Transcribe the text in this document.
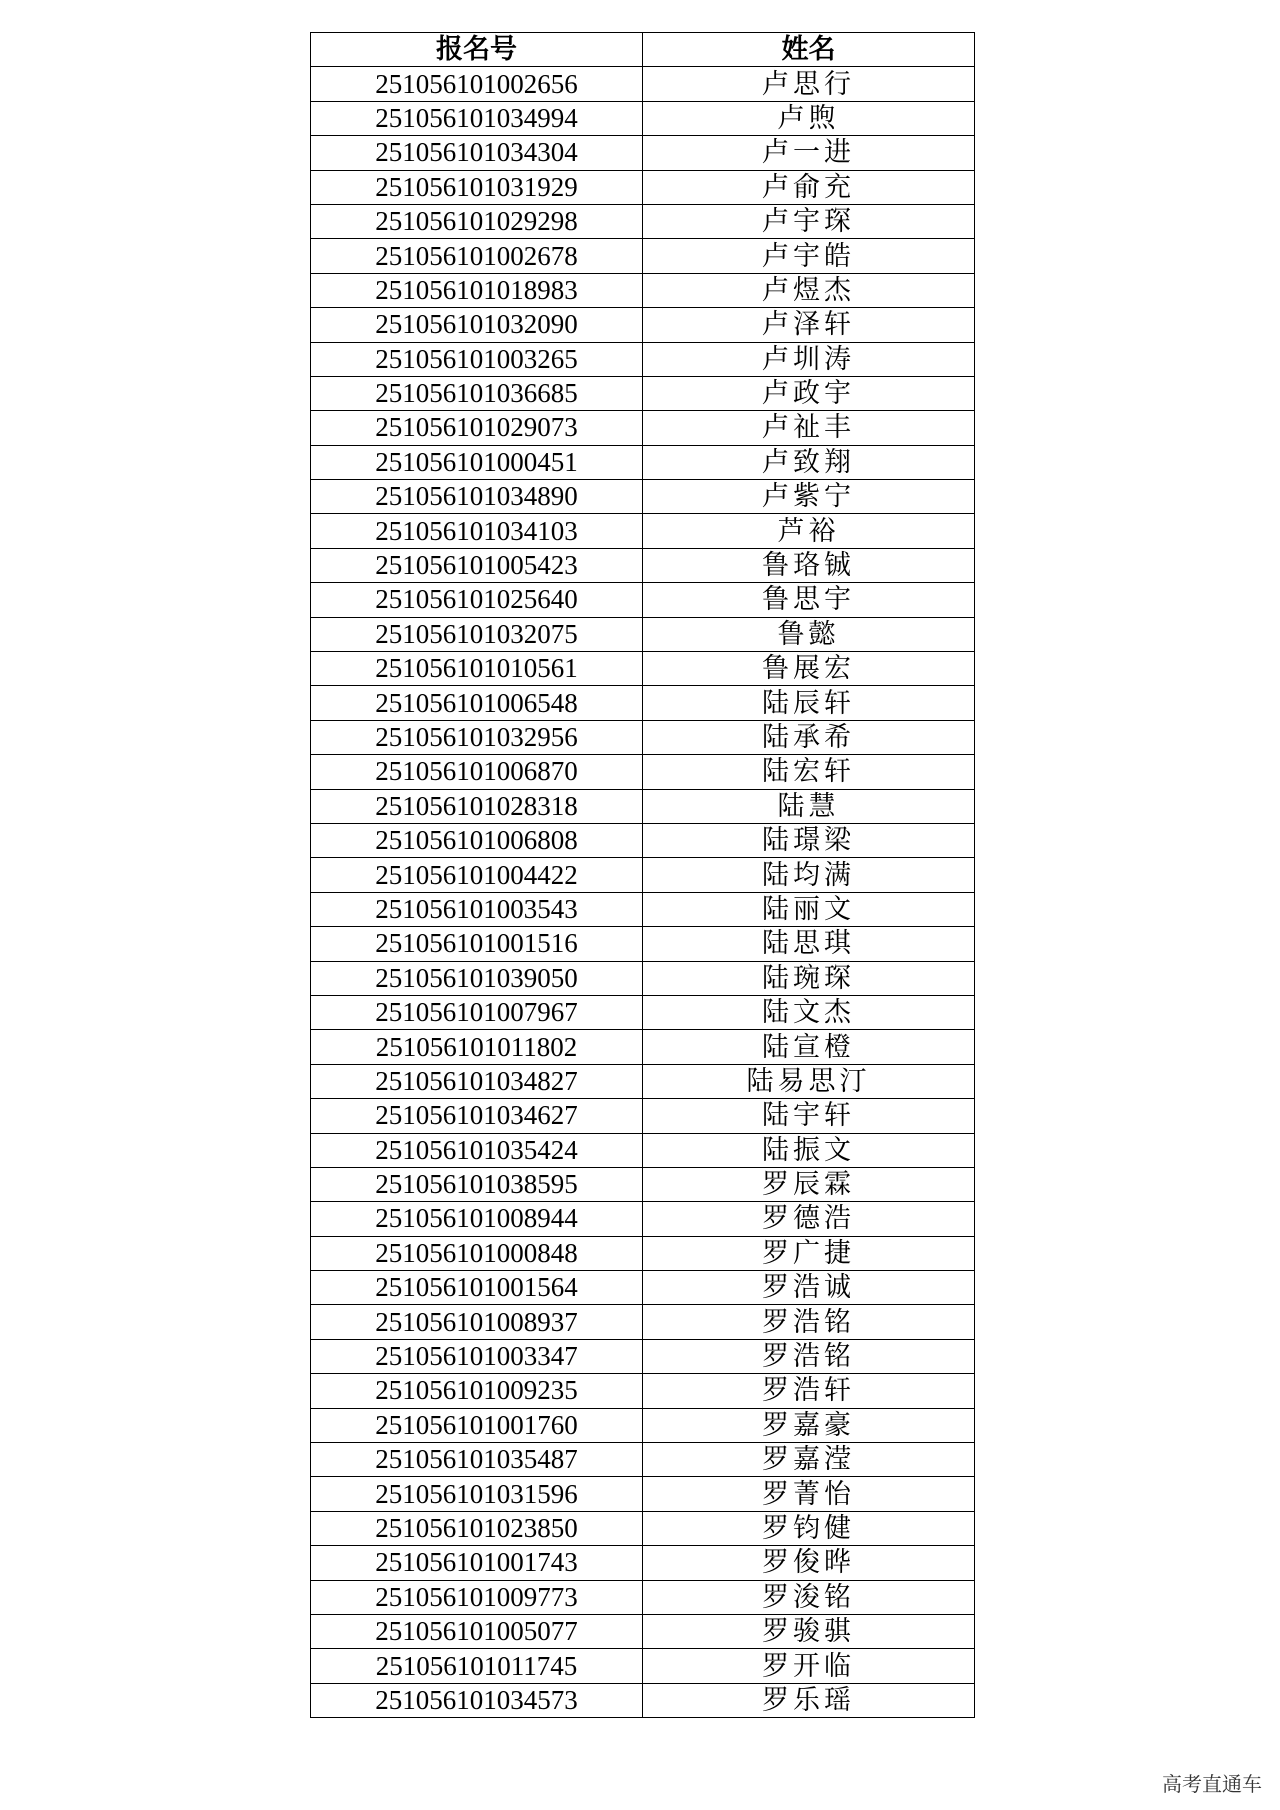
报名号	姓名
251056101002656	卢思行
251056101034994	卢煦
251056101034304	卢一进
251056101031929	卢俞充
251056101029298	卢宇琛
251056101002678	卢宇皓
251056101018983	卢煜杰
251056101032090	卢泽轩
251056101003265	卢圳涛
251056101036685	卢政宇
251056101029073	卢祉丰
251056101000451	卢致翔
251056101034890	卢紫宁
251056101034103	芦裕
251056101005423	鲁珞铖
251056101025640	鲁思宇
251056101032075	鲁懿
251056101010561	鲁展宏
251056101006548	陆辰轩
251056101032956	陆承希
251056101006870	陆宏轩
251056101028318	陆慧
251056101006808	陆璟梁
251056101004422	陆均满
251056101003543	陆丽文
251056101001516	陆思琪
251056101039050	陆琬琛
251056101007967	陆文杰
251056101011802	陆宣橙
251056101034827	陆易思汀
251056101034627	陆宇轩
251056101035424	陆振文
251056101038595	罗辰霖
251056101008944	罗德浩
251056101000848	罗广捷
251056101001564	罗浩诚
251056101008937	罗浩铭
251056101003347	罗浩铭
251056101009235	罗浩轩
251056101001760	罗嘉豪
251056101035487	罗嘉滢
251056101031596	罗菁怡
251056101023850	罗钧健
251056101001743	罗俊晔
251056101009773	罗浚铭
251056101005077	罗骏骐
251056101011745	罗开临
251056101034573	罗乐瑶
高考直通车
